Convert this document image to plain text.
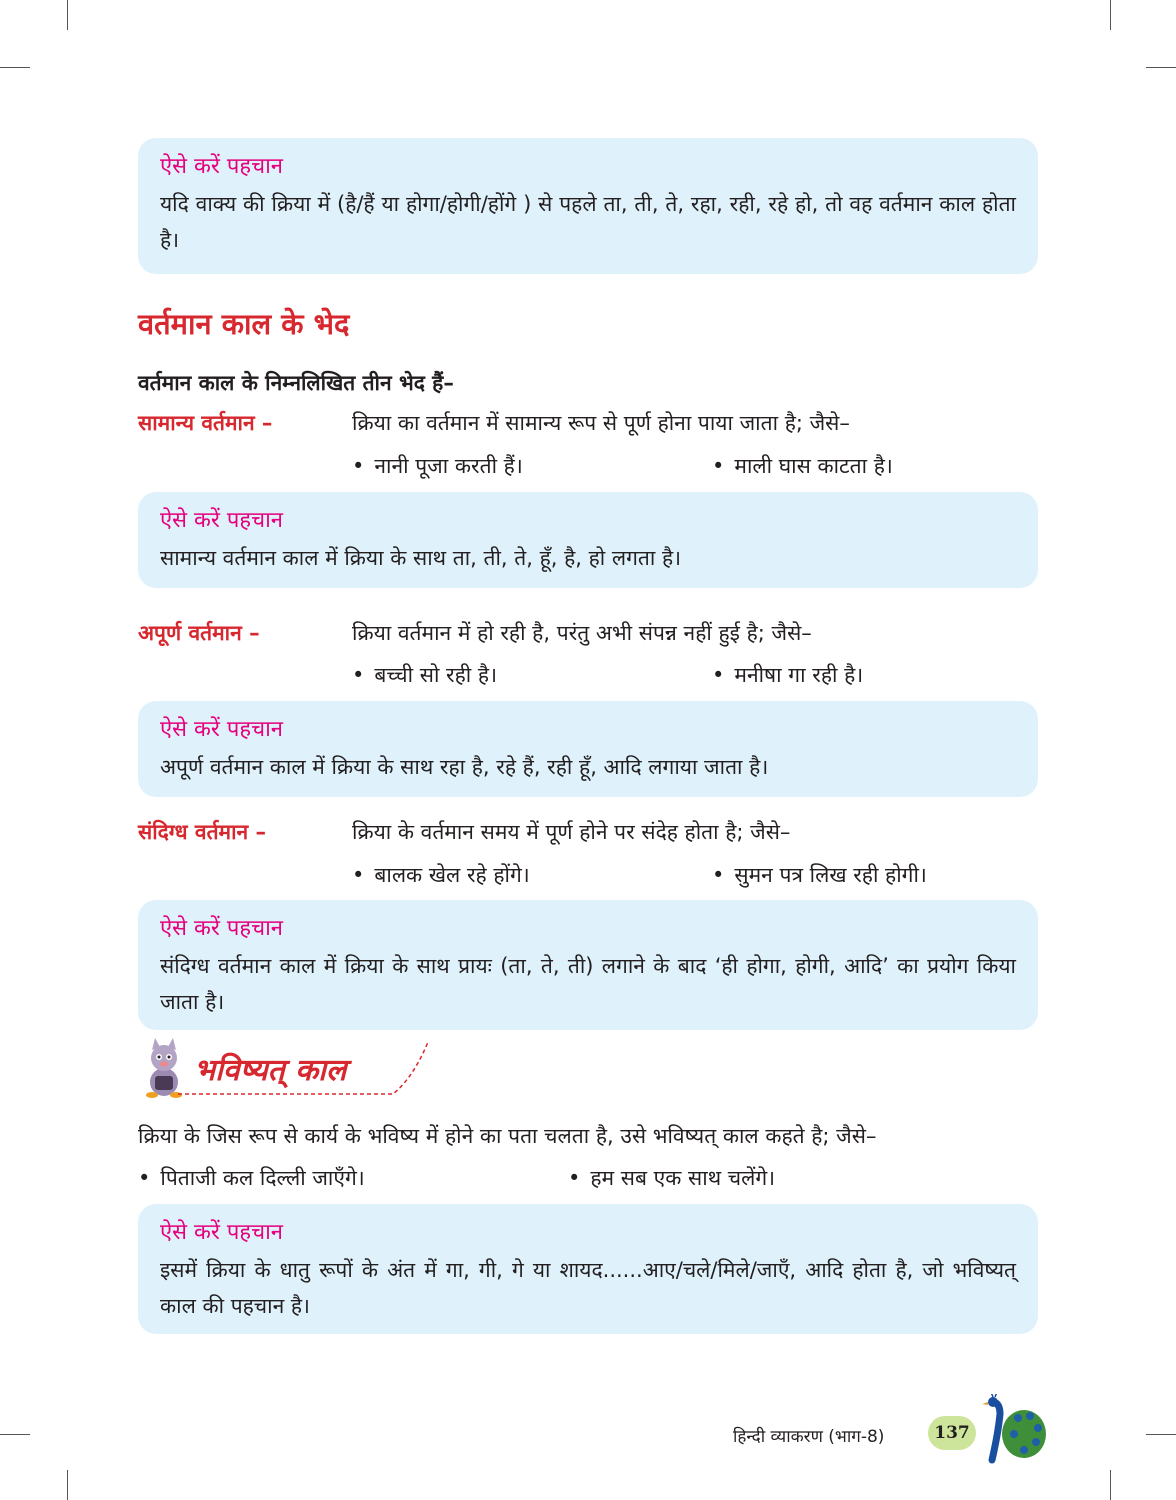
ऐसे करें पहचान
यदि वाक्य की क्रिया में (है/हैं या होगा/होगी/होंगे ) से पहले ता, ती, ते, रहा, रही, रहे हो, तो वह वर्तमान काल होता है।
वर्तमान काल के भेद
वर्तमान काल के निम्नलिखित तीन भेद हैं–
सामान्य वर्तमान –	क्रिया का वर्तमान में सामान्य रूप से पूर्ण होना पाया जाता है; जैसे–
• नानी पूजा करती हैं।	• माली घास काटता है।
ऐसे करें पहचान
सामान्य वर्तमान काल में क्रिया के साथ ता, ती, ते, हूँ, है, हो लगता है।
अपूर्ण वर्तमान –	क्रिया वर्तमान में हो रही है, परंतु अभी संपन्न नहीं हुई है; जैसे–
• बच्ची सो रही है।	• मनीषा गा रही है।
ऐसे करें पहचान
अपूर्ण वर्तमान काल में क्रिया के साथ रहा है, रहे हैं, रही हूँ, आदि लगाया जाता है।
संदिग्ध वर्तमान –	क्रिया के वर्तमान समय में पूर्ण होने पर संदेह होता है; जैसे–
• बालक खेल रहे होंगे।	• सुमन पत्र लिख रही होगी।
ऐसे करें पहचान
संदिग्ध वर्तमान काल में क्रिया के साथ प्रायः (ता, ते, ती) लगाने के बाद ‘ही होगा, होगी, आदि’ का प्रयोग किया जाता है।
भविष्यत् काल
क्रिया के जिस रूप से कार्य के भविष्य में होने का पता चलता है, उसे भविष्यत् काल कहते है; जैसे–
• पिताजी कल दिल्ली जाएँगे।	• हम सब एक साथ चलेंगे।
ऐसे करें पहचान
इसमें क्रिया के धातु रूपों के अंत में गा, गी, गे या शायद......आए/चले/मिले/जाएँ, आदि होता है, जो भविष्यत् काल की पहचान है।
हिन्दी व्याकरण (भाग-8)	137
